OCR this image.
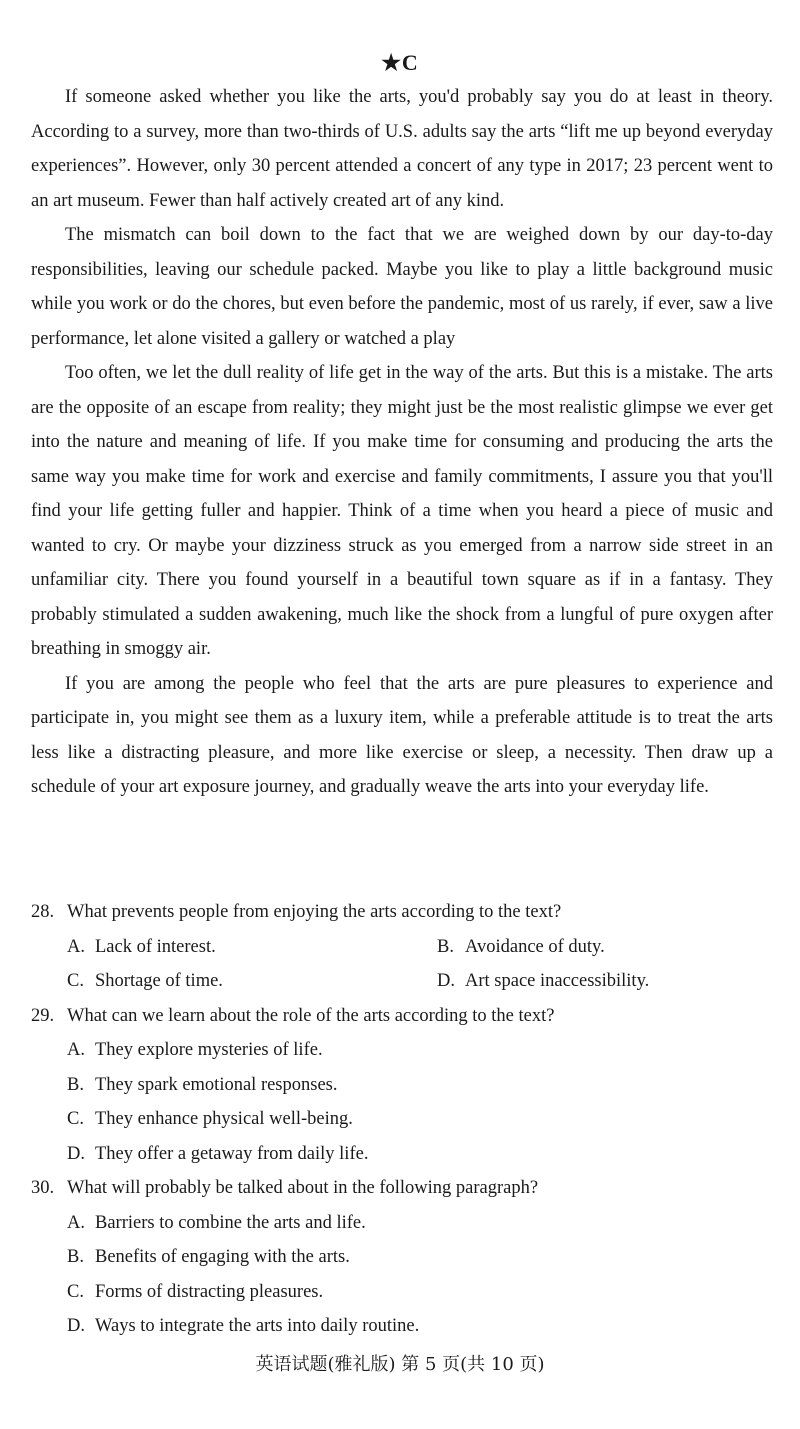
★C

If someone asked whether you like the arts, you'd probably say you do at least in theory. According to a survey, more than two-thirds of U.S. adults say the arts “lift me up beyond everyday experiences”. However, only 30 percent attended a concert of any type in 2017; 23 percent went to an art museum. Fewer than half actively created art of any kind.

The mismatch can boil down to the fact that we are weighed down by our day-to-day responsibilities, leaving our schedule packed. Maybe you like to play a little background music while you work or do the chores, but even before the pandemic, most of us rarely, if ever, saw a live performance, let alone visited a gallery or watched a play

Too often, we let the dull reality of life get in the way of the arts. But this is a mistake. The arts are the opposite of an escape from reality; they might just be the most realistic glimpse we ever get into the nature and meaning of life. If you make time for consuming and producing the arts the same way you make time for work and exercise and family commitments, I assure you that you'll find your life getting fuller and happier. Think of a time when you heard a piece of music and wanted to cry. Or maybe your dizziness struck as you emerged from a narrow side street in an unfamiliar city. There you found yourself in a beautiful town square as if in a fantasy. They probably stimulated a sudden awakening, much like the shock from a lungful of pure oxygen after breathing in smoggy air.

If you are among the people who feel that the arts are pure pleasures to experience and participate in, you might see them as a luxury item, while a preferable attitude is to treat the arts less like a distracting pleasure, and more like exercise or sleep, a necessity. Then draw up a schedule of your art exposure journey, and gradually weave the arts into your everyday life.

28. What prevents people from enjoying the arts according to the text?
A. Lack of interest.	B. Avoidance of duty.
C. Shortage of time.	D. Art space inaccessibility.
29. What can we learn about the role of the arts according to the text?
A. They explore mysteries of life.
B. They spark emotional responses.
C. They enhance physical well-being.
D. They offer a getaway from daily life.
30. What will probably be talked about in the following paragraph?
A. Barriers to combine the arts and life.
B. Benefits of engaging with the arts.
C. Forms of distracting pleasures.
D. Ways to integrate the arts into daily routine.
英语试题(雅礼版) 第 5 页(共 10 页)
